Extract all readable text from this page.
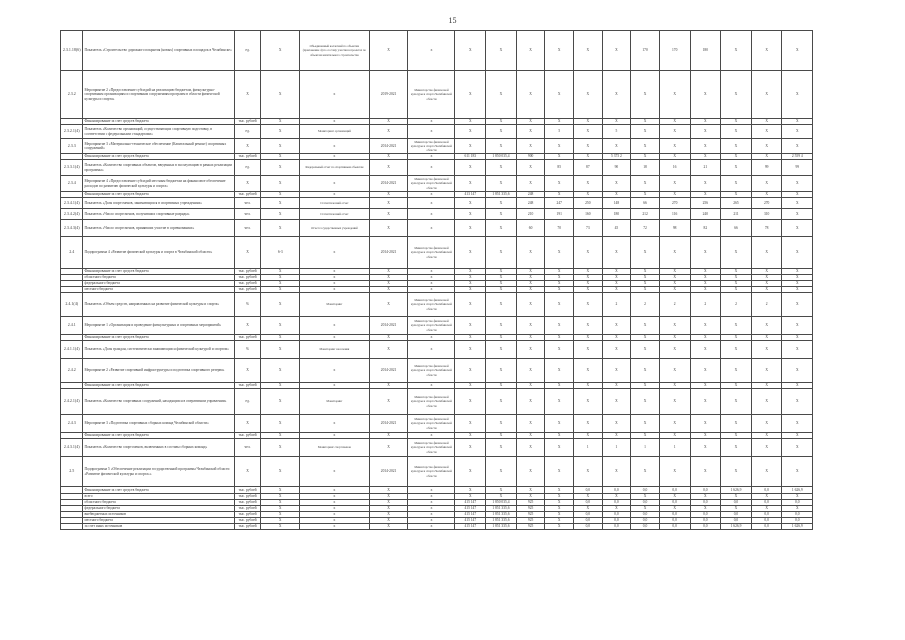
15
2.3.1.18(6)	Показатель «Строительство дорожного покрытия (новых) спортивных площадок в Челябинске»	ед.	X	Объединенный коллегией по объектам (приложение 4) по составу участия в проектах по объектам капитального строительства	X	X	X	X	X	X	X	X	170	170	180	X	X	X
2.3.2	Мероприятие 2 «Предоставление субсидий на реализацию бюджетам, физкультурно-спортивным организациям и спортивным сооружениям программ в области физической культуры и спорта»	X	X	X	2019-2021	Министерство физической культуры и спорта Челябинской области	X	X	X	X	X	X	X	X	X	X	X	X
	Финансирование за счет средств бюджета	тыс. рублей	X	X	X	X	X	X	X	X	X	X	X	X	X	X	X	X
2.3.2.1(4)	Показатель «Количество организаций, осуществляющих спортивную подготовку, в соответствии с федеральными стандартами»	ед.	X	Мониторинг организаций	X	X	X	X	X	5	X	5	X	X	X	X	X	X
2.3.3	Мероприятие 3 «Материально-техническое обеспечение (Капитальный ремонт) спортивных сооружений»	X	X	X	2014-2021	Министерство физической культуры и спорта Челябинской области	X	X	X	X	X	X	X	X	X	X	X	X
	Финансирование за счет средств бюджета	тыс. рублей	X	X	X	X	611 183	1 850 035,4	900	X	X	5 375 2	X	X	X	X	X	2 559 4
2.3.3.1(4)	Показатель «Количество спортивных объектов, введенных в эксплуатацию в рамках реализации программы»	ед.	X	Федеральный отчет по спортивным объектам	X	X	X	X	X	85	87	90	18	16	21	X	99	99
2.3.4	Мероприятие 4 «Предоставление субсидий местным бюджетам на финансовое обеспечение расходов по развитию физической культуры и спорта»	X	X	X	2014-2021	Министерство физической культуры и спорта Челябинской области	X	X	X	X	X	X	X	X	X	X	X	X
	Финансирование за счет средств бюджета	тыс. рублей	X	X	X	X	413 147	1 851 335,6	248	X	X	X	X	X	X	X	X	X
2.3.4.1(4)	Показатель «Доля спортсменов, занимающихся в спортивных учреждениях»	чел.	X	Статистический отчет	X	X	X	X	248	247	250	148	66	270	256	265	270	X
2.3.4.2(4)	Показатель «Число спортсменов, получивших спортивные разряды»	чел.	X	Статистический отчет	X	X	X	X	210	191	160	180	212	116	240	211	310	X
2.3.4.3(4)	Показатель «Число спортсменов, принявших участие в соревнованиях»	чел.	X	Отчет государственных учреждений	X	X	X	X	60	70	73	45	72	98	82	66	78	X
2.4	Подпрограмма 4 «Развитие физической культуры и спорта в Челябинской области»	X	6-3	X	2014-2021	Министерство физической культуры и спорта Челябинской области	X	X	X	X	X	X	X	X	X	X	X	X
	Финансирование за счет средств бюджета	тыс. рублей	X	X	X	X	X	X	X	X	X	X	X	X	X	X	X	X
	областного бюджета	тыс. рублей	X	X	X	X	X	X	X	X	X	X	X	X	X	X	X	X
	федерального бюджета	тыс. рублей	X	X	X	X	X	X	X	X	X	X	X	X	X	X	X	X
	местного бюджета	тыс. рублей	X	X	X	X	X	X	X	X	X	X	X	X	X	X	X	X
2.4.1(4)	Показатель «Объем средств, направленных на развитие физической культуры и спорта»	%	X	Мониторинг	X	Министерство физической культуры и спорта Челябинской области	X	X	X	X	X	2	2	2	2	2	2	X
2.4.1	Мероприятие 1 «Организация и проведение физкультурных и спортивных мероприятий»	X	X	X	2014-2021	Министерство физической культуры и спорта Челябинской области	X	X	X	X	X	X	X	X	X	X	X	X
	Финансирование за счет средств бюджета	тыс. рублей	X	X	X	X	X	X	X	X	X	X	X	X	X	X	X	X
2.4.1.1(4)	Показатель «Доля граждан, систематически занимающихся физической культурой и спортом»	%	X	Мониторинг населения	X	X	X	X	X	X	X	X	X	X	X	X	X	X
2.4.2	Мероприятие 2 «Развитие спортивной инфраструктуры и подготовка спортивного резерва»	X	X	X	2014-2021	Министерство физической культуры и спорта Челябинской области	X	X	X	X	X	X	X	X	X	X	X	X
	Финансирование за счет средств бюджета	тыс. рублей	X	X	X	X	X	X	X	X	X	X	X	X	X	X	X	X
2.4.2.1(4)	Показатель «Количество спортивных сооружений, находящихся в оперативном управлении»	ед.	X	Мониторинг	X	Министерство физической культуры и спорта Челябинской области	X	X	X	X	X	X	X	X	X	X	X	X
2.4.3	Мероприятие 3 «Подготовка спортивных сборных команд Челябинской области»	X	X	X	2014-2021	Министерство физической культуры и спорта Челябинской области	X	X	X	X	X	X	X	X	X	X	X	X
	Финансирование за счет средств бюджета	тыс. рублей	X	X	X	X	X	X	X	X	X	X	X	X	X	X	X	X
2.4.3.1(4)	Показатель «Количество спортсменов, включенных в составы сборных команд»	чел.	X	Мониторинг спортсменов	X	Министерство физической культуры и спорта Челябинской области	X	X	X	X	1	1	1	1	X	X	X	X
2.5	Подпрограмма 5 «Обеспечение реализации государственной программы Челябинской области «Развитие физической культуры и спорта»»	X	X	X	2014-2021	Министерство физической культуры и спорта Челябинской области	X	X	X	X	X	X	X	X	X	X	X	X
	Финансирование за счет средств бюджета	тыс. рублей	X	X	X	X	X	X	X	X	0,0	0,0	0,0	0,0	0,0	1 626,9	0,0	1 626,9
	всего	тыс. рублей	X	X	X	X	X	X	X	X	X	X	X	X	X	X	X	X
	областного бюджета	тыс. рублей	X	X	X	X	415 147	1 850 035,4	925	X	0,0	0,0	0,0	0,0	0,0	0,0	0,0	0,0
	федерального бюджета	тыс. рублей	X	X	X	X	415 147	1 851 335,6	925	X	X	X	X	X	X	X	X	X
	внебюджетных источников	тыс. рублей	X	X	X	X	415 147	1 851 335,6	925	X	0,0	0,0	0,0	0,0	0,0	0,0	0,0	0,0
	местного бюджета	тыс. рублей	X	X	X	X	415 147	1 851 335,6	925	X	0,0	0,0	0,0	0,0	0,0	0,0	0,0	0,0
	за счет иных источников	тыс. рублей	X	X	X	X	415 147	1 851 335,6	925	X	0,0	0,0	0,0	0,0	0,0	1 626,9	0,0	1 626,9
